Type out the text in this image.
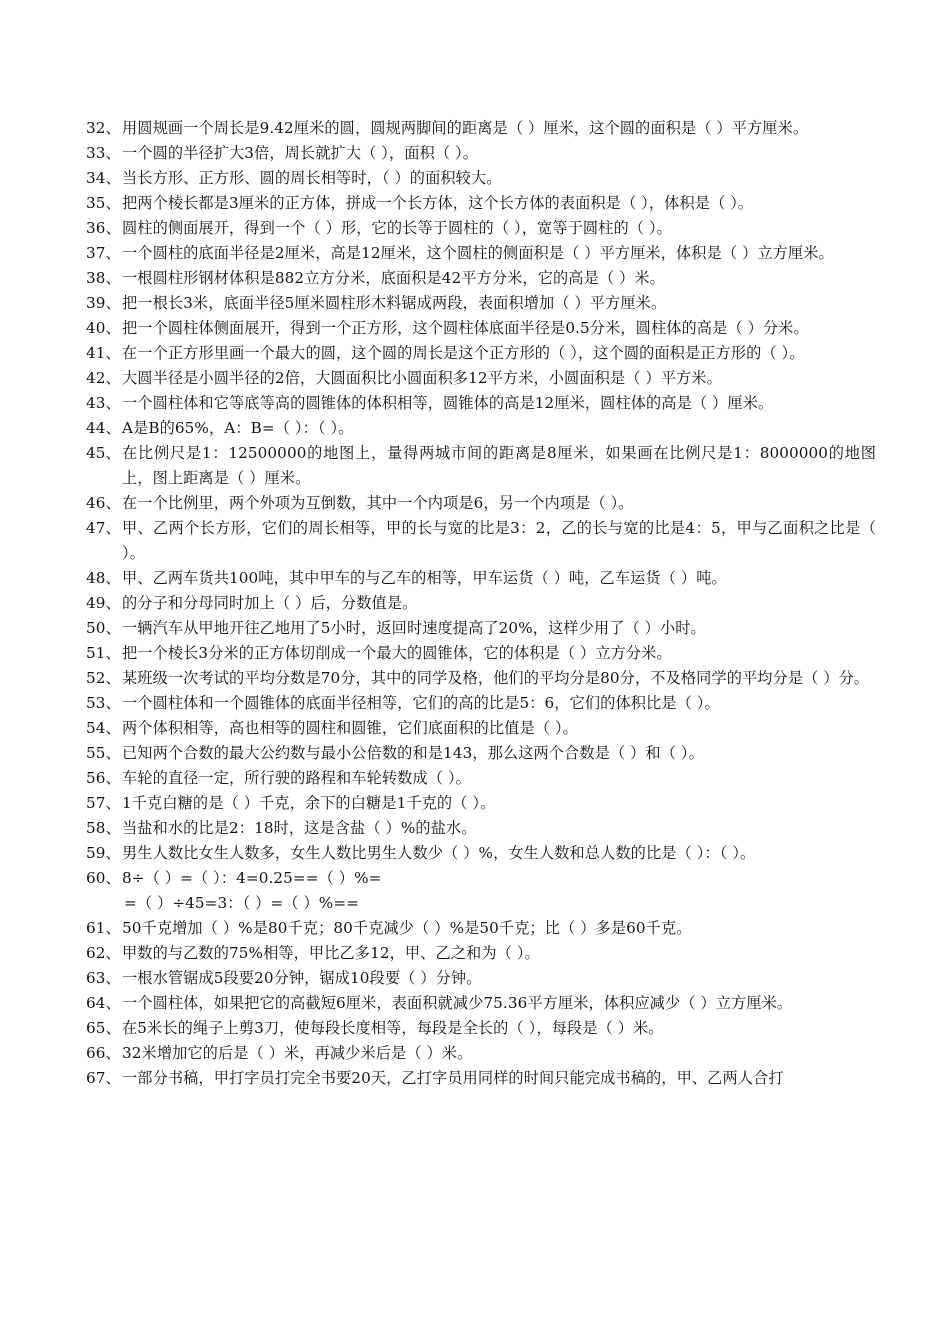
32、 用圆规画一个周长是9.42厘米的圆，圆规两脚间的距离是（ ）厘米，这个圆的面积是（ ）平方厘米。
33、 一个圆的半径扩大3倍，周长就扩大（ ），面积（ ）。
34、 当长方形、正方形、圆的周长相等时，（ ）的面积较大。
35、 把两个棱长都是3厘米的正方体，拼成一个长方体，这个长方体的表面积是（ ），体积是（ ）。
36、 圆柱的侧面展开，得到一个（ ）形，它的长等于圆柱的（ ），宽等于圆柱的（ ）。
37、 一个圆柱的底面半径是2厘米，高是12厘米，这个圆柱的侧面积是（ ）平方厘米，体积是（ ）立方厘米。
38、 一根圆柱形钢材体积是882立方分米，底面积是42平方分米，它的高是（ ）米。
39、 把一根长3米，底面半径5厘米圆柱形木料锯成两段，表面积增加（ ）平方厘米。
40、 把一个圆柱体侧面展开，得到一个正方形，这个圆柱体底面半径是0.5分米，圆柱体的高是（ ）分米。
41、 在一个正方形里画一个最大的圆，这个圆的周长是这个正方形的（ ），这个圆的面积是正方形的（ ）。
42、 大圆半径是小圆半径的2倍，大圆面积比小圆面积多12平方米，小圆面积是（ ）平方米。
43、 一个圆柱体和它等底等高的圆锥体的体积相等，圆锥体的高是12厘米，圆柱体的高是（ ）厘米。
44、 A是B的65%，A：B=（ ）：（ ）。
45、 在比例尺是1：12500000的地图上，量得两城市间的距离是8厘米，如果画在比例尺是1：8000000的地图上，图上距离是（ ）厘米。
46、 在一个比例里，两个外项为互倒数，其中一个内项是6，另一个内项是（ ）。
47、 甲、乙两个长方形，它们的周长相等，甲的长与宽的比是3：2，乙的长与宽的比是4：5，甲与乙面积之比是（ ）。
48、 甲、乙两车货共100吨，其中甲车的与乙车的相等，甲车运货（ ）吨，乙车运货（ ）吨。
49、 的分子和分母同时加上（ ）后，分数值是。
50、 一辆汽车从甲地开往乙地用了5小时，返回时速度提高了20%，这样少用了（ ）小时。
51、 把一个棱长3分米的正方体切削成一个最大的圆锥体，它的体积是（ ）立方分米。
52、 某班级一次考试的平均分数是70分，其中的同学及格，他们的平均分是80分，不及格同学的平均分是（ ）分。
53、 一个圆柱体和一个圆锥体的底面半径相等，它们的高的比是5：6，它们的体积比是（ ）。
54、 两个体积相等，高也相等的圆柱和圆锥，它们底面积的比值是（ ）。
55、 已知两个合数的最大公约数与最小公倍数的和是143，那么这两个合数是（ ）和（ ）。
56、 车轮的直径一定，所行驶的路程和车轮转数成（ ）。
57、 1千克白糖的是（ ）千克，余下的白糖是1千克的（ ）。
58、 当盐和水的比是2：18时，这是含盐（ ）%的盐水。
59、 男生人数比女生人数多，女生人数比男生人数少（ ）%，女生人数和总人数的比是（ ）：（ ）。
60、 8÷（ ）=（ ）：4=0.25==（ ）%=
=（ ）÷45=3：（ ）=（ ）%==
61、 50千克增加（ ）%是80千克；80千克减少（ ）%是50千克；比（ ）多是60千克。
62、 甲数的与乙数的75%相等，甲比乙多12，甲、乙之和为（ ）。
63、 一根水管锯成5段要20分钟，锯成10段要（ ）分钟。
64、 一个圆柱体，如果把它的高截短6厘米，表面积就减少75.36平方厘米，体积应减少（ ）立方厘米。
65、 在5米长的绳子上剪3刀，使每段长度相等，每段是全长的（ ），每段是（ ）米。
66、 32米增加它的后是（ ）米，再减少米后是（ ）米。
67、 一部分书稿，甲打字员打完全书要20天，乙打字员用同样的时间只能完成书稿的，甲、乙两人合打
